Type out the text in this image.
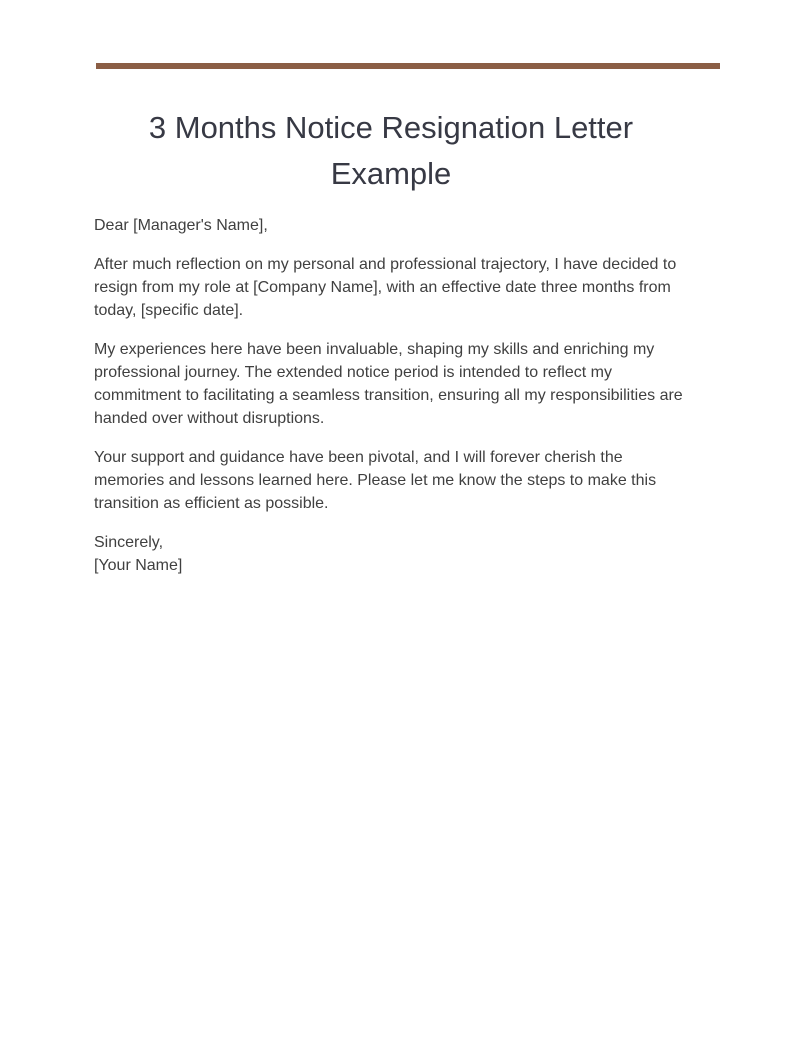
3 Months Notice Resignation Letter Example

Dear [Manager's Name],

After much reflection on my personal and professional trajectory, I have decided to resign from my role at [Company Name], with an effective date three months from today, [specific date].

My experiences here have been invaluable, shaping my skills and enriching my professional journey. The extended notice period is intended to reflect my commitment to facilitating a seamless transition, ensuring all my responsibilities are handed over without disruptions.

Your support and guidance have been pivotal, and I will forever cherish the memories and lessons learned here. Please let me know the steps to make this transition as efficient as possible.

Sincerely,
[Your Name]
